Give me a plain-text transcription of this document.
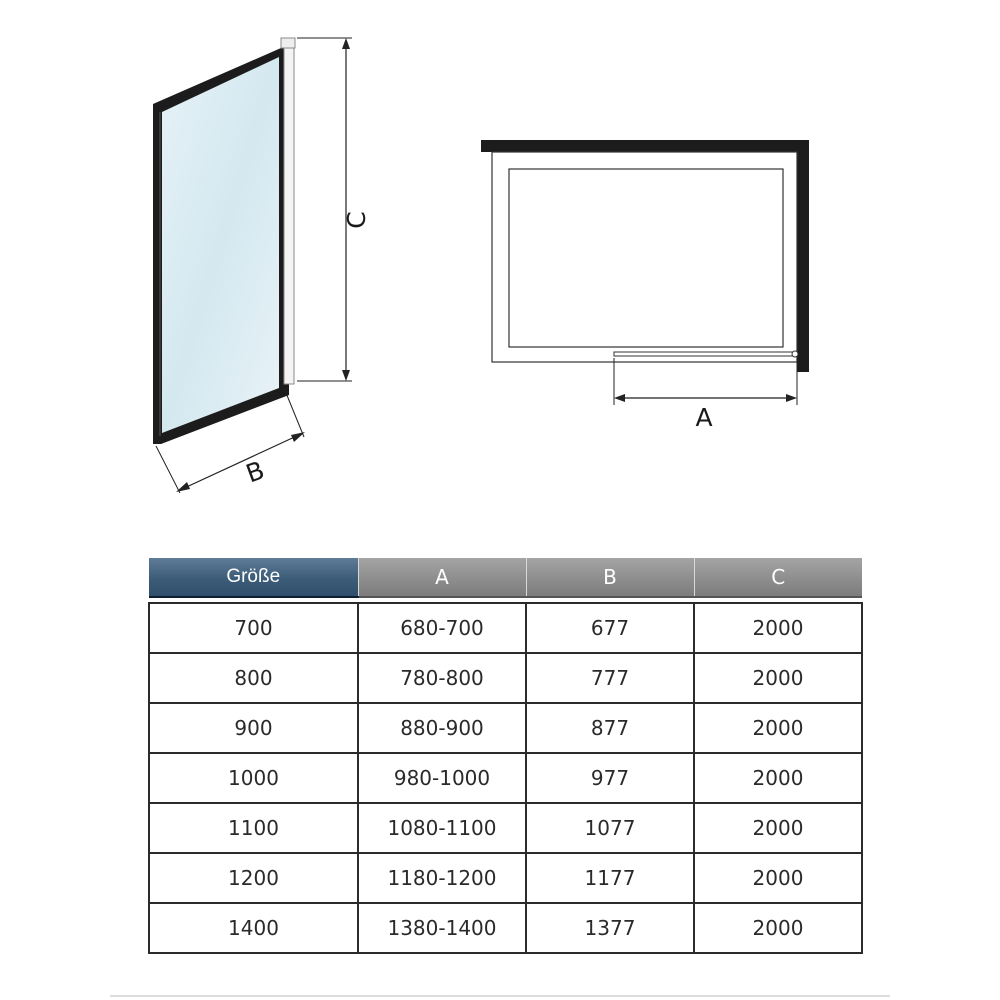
C
B
A
Größe	A	B	C

700	680-700	677	2000
800	780-800	777	2000
900	880-900	877	2000
1000	980-1000	977	2000
1100	1080-1100	1077	2000
1200	1180-1200	1177	2000
1400	1380-1400	1377	2000
